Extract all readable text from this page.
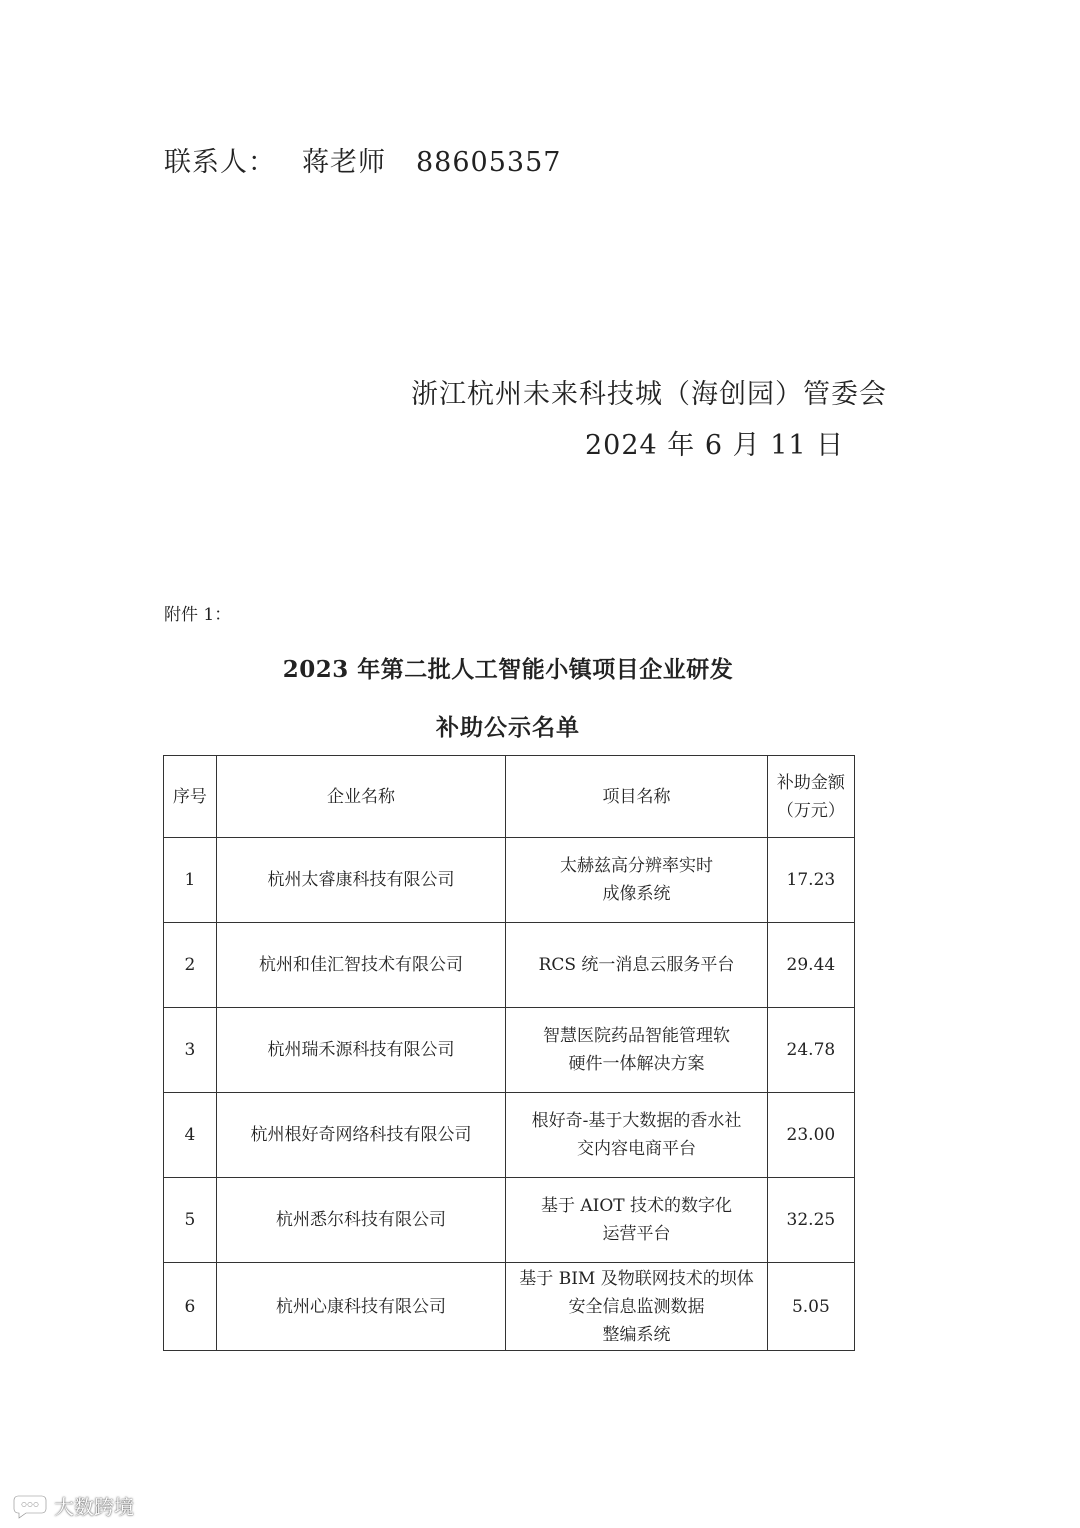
联系人： 蒋老师 88605357
浙江杭州未来科技城（海创园）管委会
2024 年 6 月 11 日
附件 1：
2023 年第二批人工智能小镇项目企业研发
补助公示名单
序号	企业名称	项目名称	补助金额
（万元）

1	杭州太睿康科技有限公司	太赫兹高分辨率实时
成像系统	17.23
2	杭州和佳汇智技术有限公司	RCS 统一消息云服务平台	29.44
3	杭州瑞禾源科技有限公司	智慧医院药品智能管理软
硬件一体解决方案	24.78
4	杭州根好奇网络科技有限公司	根好奇-基于大数据的香水社
交内容电商平台	23.00
5	杭州悉尔科技有限公司	基于 AIOT 技术的数字化
运营平台	32.25
6	杭州心康科技有限公司	基于 BIM 及物联网技术的坝体
安全信息监测数据
整编系统	5.05
大数跨境
